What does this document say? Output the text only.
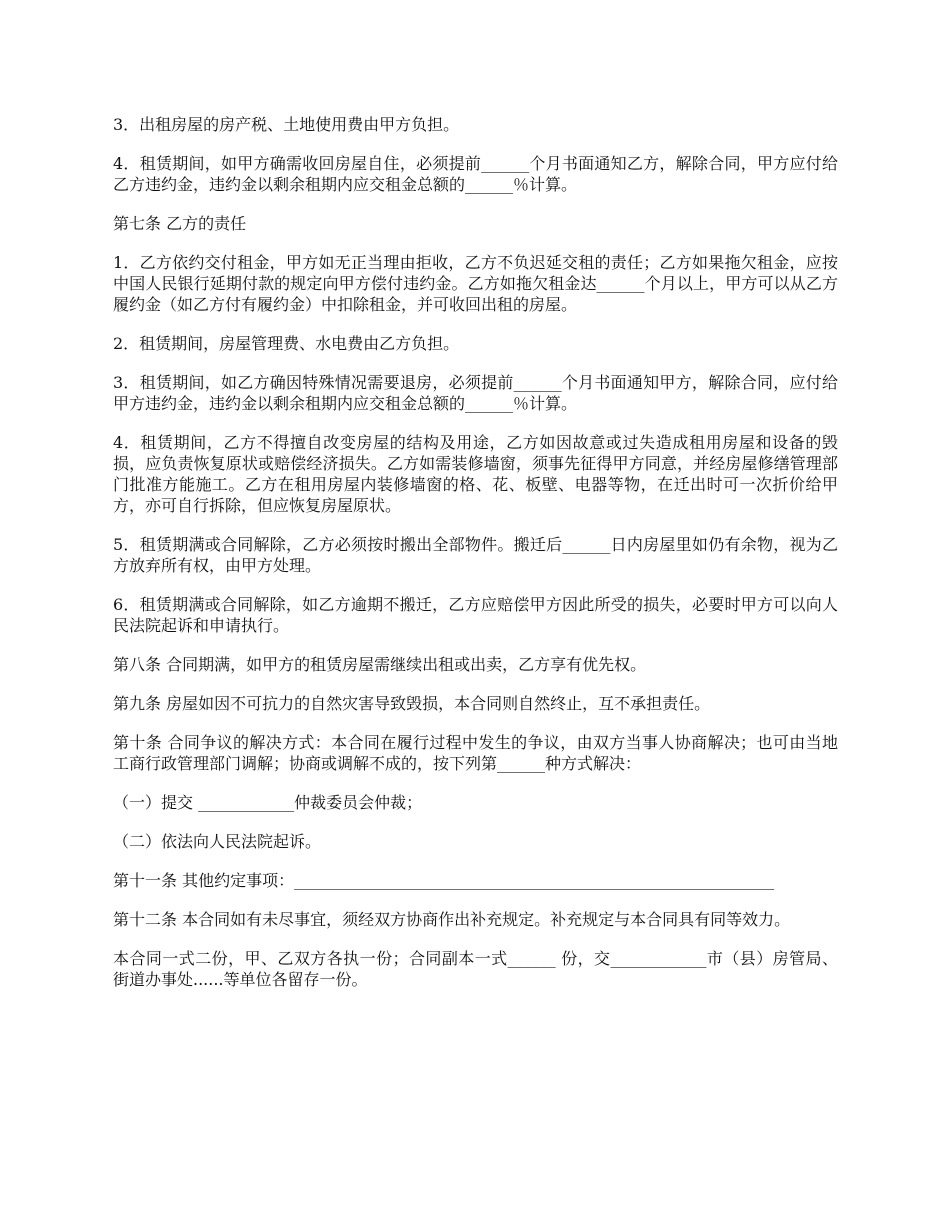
3．出租房屋的房产税、土地使用费由甲方负担。

4．租赁期间，如甲方确需收回房屋自住，必须提前______个月书面通知乙方，解除合同，甲方应付给乙方违约金，违约金以剩余租期内应交租金总额的______％计算。

第七条 乙方的责任

1．乙方依约交付租金，甲方如无正当理由拒收，乙方不负迟延交租的责任；乙方如果拖欠租金，应按中国人民银行延期付款的规定向甲方偿付违约金。乙方如拖欠租金达______个月以上，甲方可以从乙方履约金（如乙方付有履约金）中扣除租金，并可收回出租的房屋。

2．租赁期间，房屋管理费、水电费由乙方负担。

3．租赁期间，如乙方确因特殊情况需要退房，必须提前______个月书面通知甲方，解除合同，应付给甲方违约金，违约金以剩余租期内应交租金总额的______％计算。

4．租赁期间，乙方不得擅自改变房屋的结构及用途，乙方如因故意或过失造成租用房屋和设备的毁损，应负责恢复原状或赔偿经济损失。乙方如需装修墙窗，须事先征得甲方同意，并经房屋修缮管理部门批准方能施工。乙方在租用房屋内装修墙窗的格、花、板壁、电器等物，在迁出时可一次折价给甲方，亦可自行拆除，但应恢复房屋原状。

5．租赁期满或合同解除，乙方必须按时搬出全部物件。搬迁后______日内房屋里如仍有余物，视为乙方放弃所有权，由甲方处理。

6．租赁期满或合同解除，如乙方逾期不搬迁，乙方应赔偿甲方因此所受的损失，必要时甲方可以向人民法院起诉和申请执行。

第八条 合同期满，如甲方的租赁房屋需继续出租或出卖，乙方享有优先权。

第九条 房屋如因不可抗力的自然灾害导致毁损，本合同则自然终止，互不承担责任。

第十条 合同争议的解决方式：本合同在履行过程中发生的争议，由双方当事人协商解决；也可由当地工商行政管理部门调解；协商或调解不成的，按下列第______种方式解决：

（一）提交 ____________仲裁委员会仲裁；

（二）依法向人民法院起诉。

第十一条 其他约定事项：____________________________________________________________

第十二条 本合同如有未尽事宜，须经双方协商作出补充规定。补充规定与本合同具有同等效力。

本合同一式二份，甲、乙双方各执一份；合同副本一式______ 份，交____________市（县）房管局、街道办事处......等单位各留存一份。
